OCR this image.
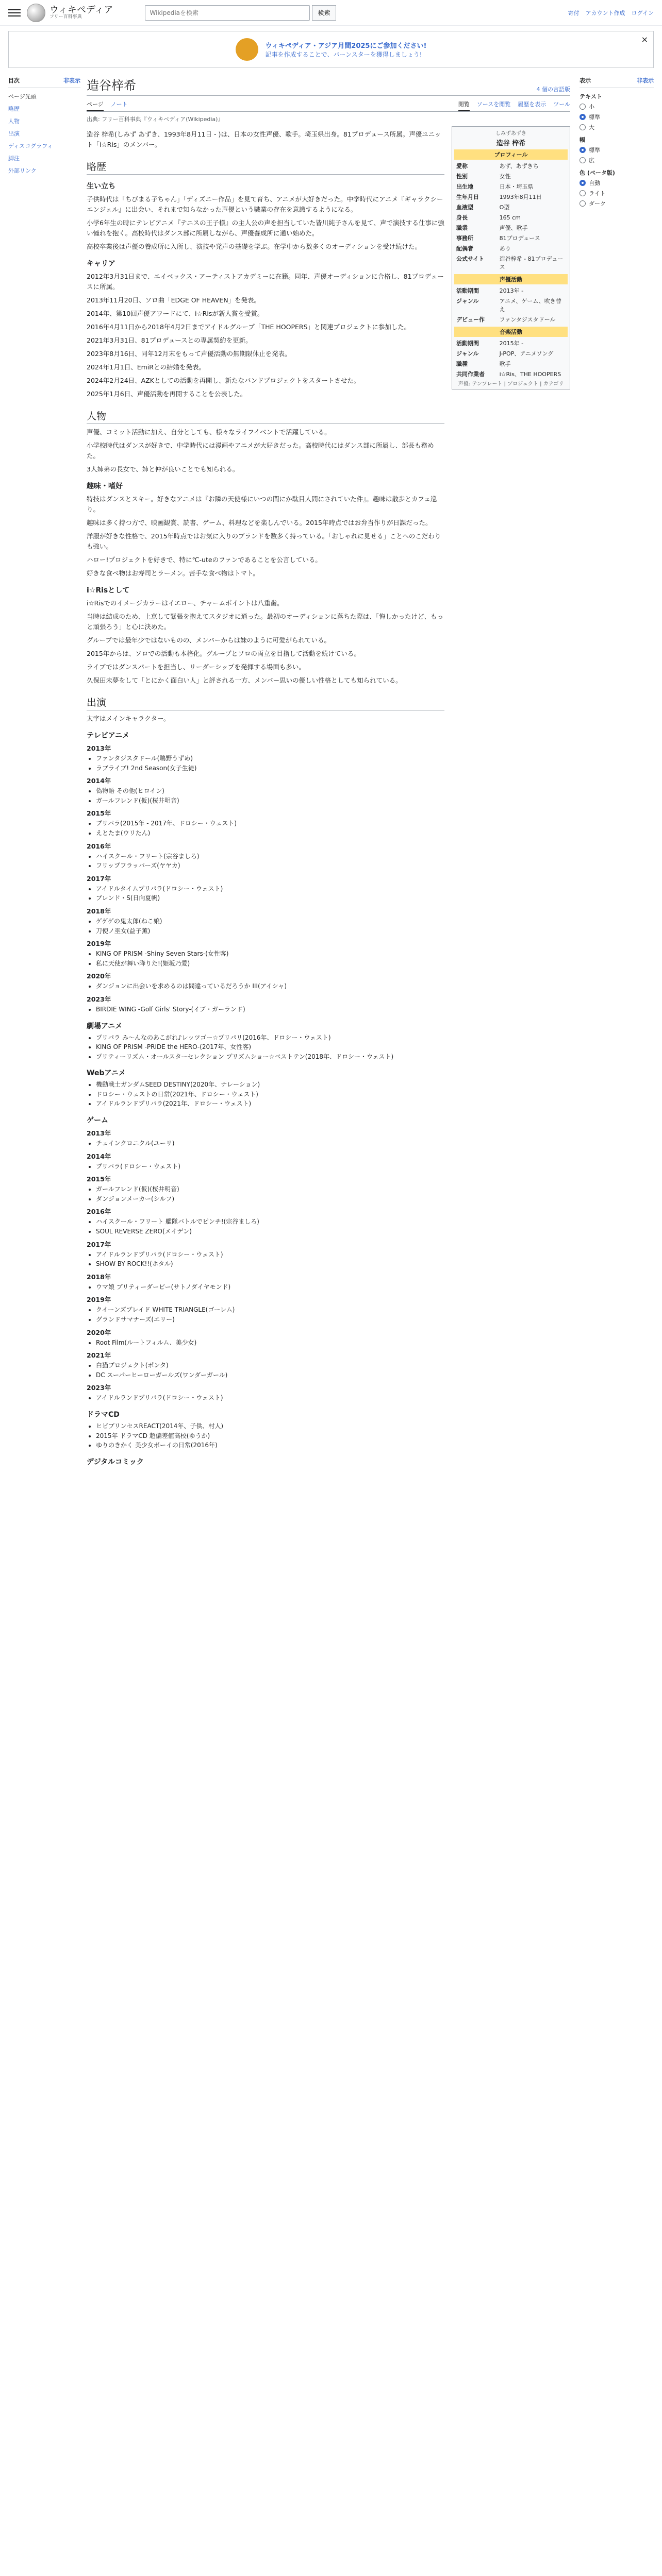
ウィキペディア
フリー百科事典
Wikipediaを検索
検索	寄付 アカウント作成 ログイン
ウィキペディア・アジア月間2025にご参加ください!
記事を作成することで、バーンスターを獲得しましょう!
×
目次	非表示
ページ先頭
略歴
人物
出演
ディスコグラフィ
脚注
外部リンク
造谷梓希	4 個の言語版
ページ ノート	閲覧 ソースを閲覧 履歴を表示 ツール
出典: フリー百科事典『ウィキペディア(Wikipedia)』

造谷 梓希(しみず あずき、1993年8月11日 - )は、日本の女性声優、歌手。埼玉県出身。81プロデュース所属。声優ユニット「i☆Ris」のメンバー。

略歴
生い立ち

子供時代は「ちびまる子ちゃん」「ディズニー作品」を見て育ち、アニメが大好きだった。中学時代にアニメ『ギャラクシーエンジェル』に出会い、それまで知らなかった声優という職業の存在を意識するようになる。

小学6年生の時にテレビアニメ『テニスの王子様』の主人公の声を担当していた皆川純子さんを見て、声で演技する仕事に強い憧れを抱く。高校時代はダンス部に所属しながら、声優養成所に通い始めた。

高校卒業後は声優の養成所に入所し、演技や発声の基礎を学ぶ。在学中から数多くのオーディションを受け続けた。

キャリア

2012年3月31日まで、エイベックス・アーティストアカデミーに在籍。同年、声優オーディションに合格し、81プロデュースに所属。

2013年11月20日、ソロ曲「EDGE OF HEAVEN」を発表。

2014年、第10回声優アワードにて、i☆Risが新人賞を受賞。

2016年4月11日から2018年4月2日までアイドルグループ「THE HOOPERS」と関連プロジェクトに参加した。

2021年3月31日、81プロデュースとの専属契約を更新。

2023年8月16日、同年12月末をもって声優活動の無期限休止を発表。

2024年1月1日、EmiRとの結婚を発表。

2024年2月24日、AZKとしての活動を再開し、新たなバンドプロジェクトをスタートさせた。

2025年1月6日、声優活動を再開することを公表した。

人物

声優、コミット活動に加え、自分としても、様々なライフイベントで活躍している。

小学校時代はダンスが好きで、中学時代には漫画やアニメが大好きだった。高校時代にはダンス部に所属し、部長も務めた。

3人姉弟の長女で、姉と仲が良いことでも知られる。

趣味・嗜好

特技はダンスとスキー。好きなアニメは『お隣の天使様にいつの間にか駄目人間にされていた件』。趣味は散歩とカフェ巡り。

趣味は多く持つ方で、映画観賞、読書、ゲーム、料理などを楽しんでいる。2015年時点ではお弁当作りが日課だった。

洋服が好きな性格で、2015年時点ではお気に入りのブランドを数多く持っている。「おしゃれに見せる」ことへのこだわりも強い。

ハロー!プロジェクトを好きで、特に℃-uteのファンであることを公言している。

好きな食べ物はお寿司とラーメン。苦手な食べ物はトマト。

i☆Risとして

i☆Risでのイメージカラーはイエロー、チャームポイントは八重歯。

当時は結成のため、上京して緊張を抱えてスタジオに通った。最初のオーディションに落ちた際は、「悔しかったけど、もっと頑張ろう」と心に決めた。

グループでは最年少ではないものの、メンバーからは妹のように可愛がられている。

2015年からは、ソロでの活動も本格化。グループとソロの両立を目指して活動を続けている。

ライブではダンスパートを担当し、リーダーシップを発揮する場面も多い。

久保田未夢をして「とにかく面白い人」と評される一方、メンバー思いの優しい性格としても知られている。

出演

太字はメインキャラクター。

テレビアニメ
2013年
• ファンタジスタドール(鵜野うずめ)
• ラブライブ! 2nd Season(女子生徒)
2014年
• 偽物語 その他(ヒロイン)
• ガールフレンド(仮)(桜井明音)
2015年
• プリパラ(2015年 - 2017年、ドロシー・ウェスト)
• えとたま(ウリたん)
2016年
• ハイスクール・フリート(宗谷ましろ)
• フリップフラッパーズ(ヤヤカ)
2017年
• アイドルタイムプリパラ(ドロシー・ウェスト)
• ブレンド・S(日向夏帆)
2018年
• ゲゲゲの鬼太郎(ねこ娘)
• 刀使ノ巫女(益子薫)
2019年
• KING OF PRISM -Shiny Seven Stars-(女性客)
• 私に天使が舞い降りた!(姫坂乃愛)
2020年
• ダンジョンに出会いを求めるのは間違っているだろうか III(アイシャ)
2023年
• BIRDIE WING -Golf Girls' Story-(イブ・ガーランド)
劇場アニメ
• プリパラ み〜んなのあこがれ♪レッツゴー☆プリパリ(2016年、ドロシー・ウェスト)
• KING OF PRISM -PRIDE the HERO-(2017年、女性客)
• プリティーリズム・オールスターセレクション プリズムショー☆ベストテン(2018年、ドロシー・ウェスト)
Webアニメ
• 機動戦士ガンダムSEED DESTINY(2020年、ナレーション)
• ドロシー・ウェストの日常(2021年、ドロシー・ウェスト)
• アイドルランドプリパラ(2021年、ドロシー・ウェスト)
ゲーム
2013年
• チェインクロニクル(ユーリ)
2014年
• プリパラ(ドロシー・ウェスト)
2015年
• ガールフレンド(仮)(桜井明音)
• ダンジョンメーカー(シルフ)
2016年
• ハイスクール・フリート 艦隊バトルでピンチ!(宗谷ましろ)
• SOUL REVERSE ZERO(メイデン)
2017年
• アイドルランドプリパラ(ドロシー・ウェスト)
• SHOW BY ROCK!!(ホタル)
2018年
• ウマ娘 プリティーダービー(サトノダイヤモンド)
2019年
• クイーンズブレイド WHITE TRIANGLE(ゴーレム)
• グランドサマナーズ(エリー)
2020年
• Root Film(ルートフィルム、美少女)
2021年
• 白猫プロジェクト(ポンタ)
• DC スーパーヒーローガールズ(ワンダーガール)
2023年
• アイドルランドプリパラ(ドロシー・ウェスト)
ドラマCD
• ヒビプリンセスREACT(2014年、子供、村人)
• 2015年 ドラマCD 超偏差値高校(ゆうか)
• ゆりのきかく 美少女ボーイの日常(2016年)
デジタルコミック
しみずあずき
造谷 梓希
プロフィール
愛称	あず、あずきち
性別	女性
出生地	日本・埼玉県
生年月日	1993年8月11日
血液型	O型
身長	165 cm
職業	声優、歌手
事務所	81プロデュース
配偶者	あり
公式サイト	造谷梓希 - 81プロデュース
声優活動
活動期間	2013年 -
ジャンル	アニメ、ゲーム、吹き替え
デビュー作	ファンタジスタドール
音楽活動
活動期間	2015年 -
ジャンル	J-POP、アニメソング
職種	歌手
共同作業者	i☆Ris、THE HOOPERS
声優: テンプレート | プロジェクト | カテゴリ
表示	非表示
テキスト
小
標準
大
幅
標準
広
色 (ベータ版)
自動
ライト
ダーク
